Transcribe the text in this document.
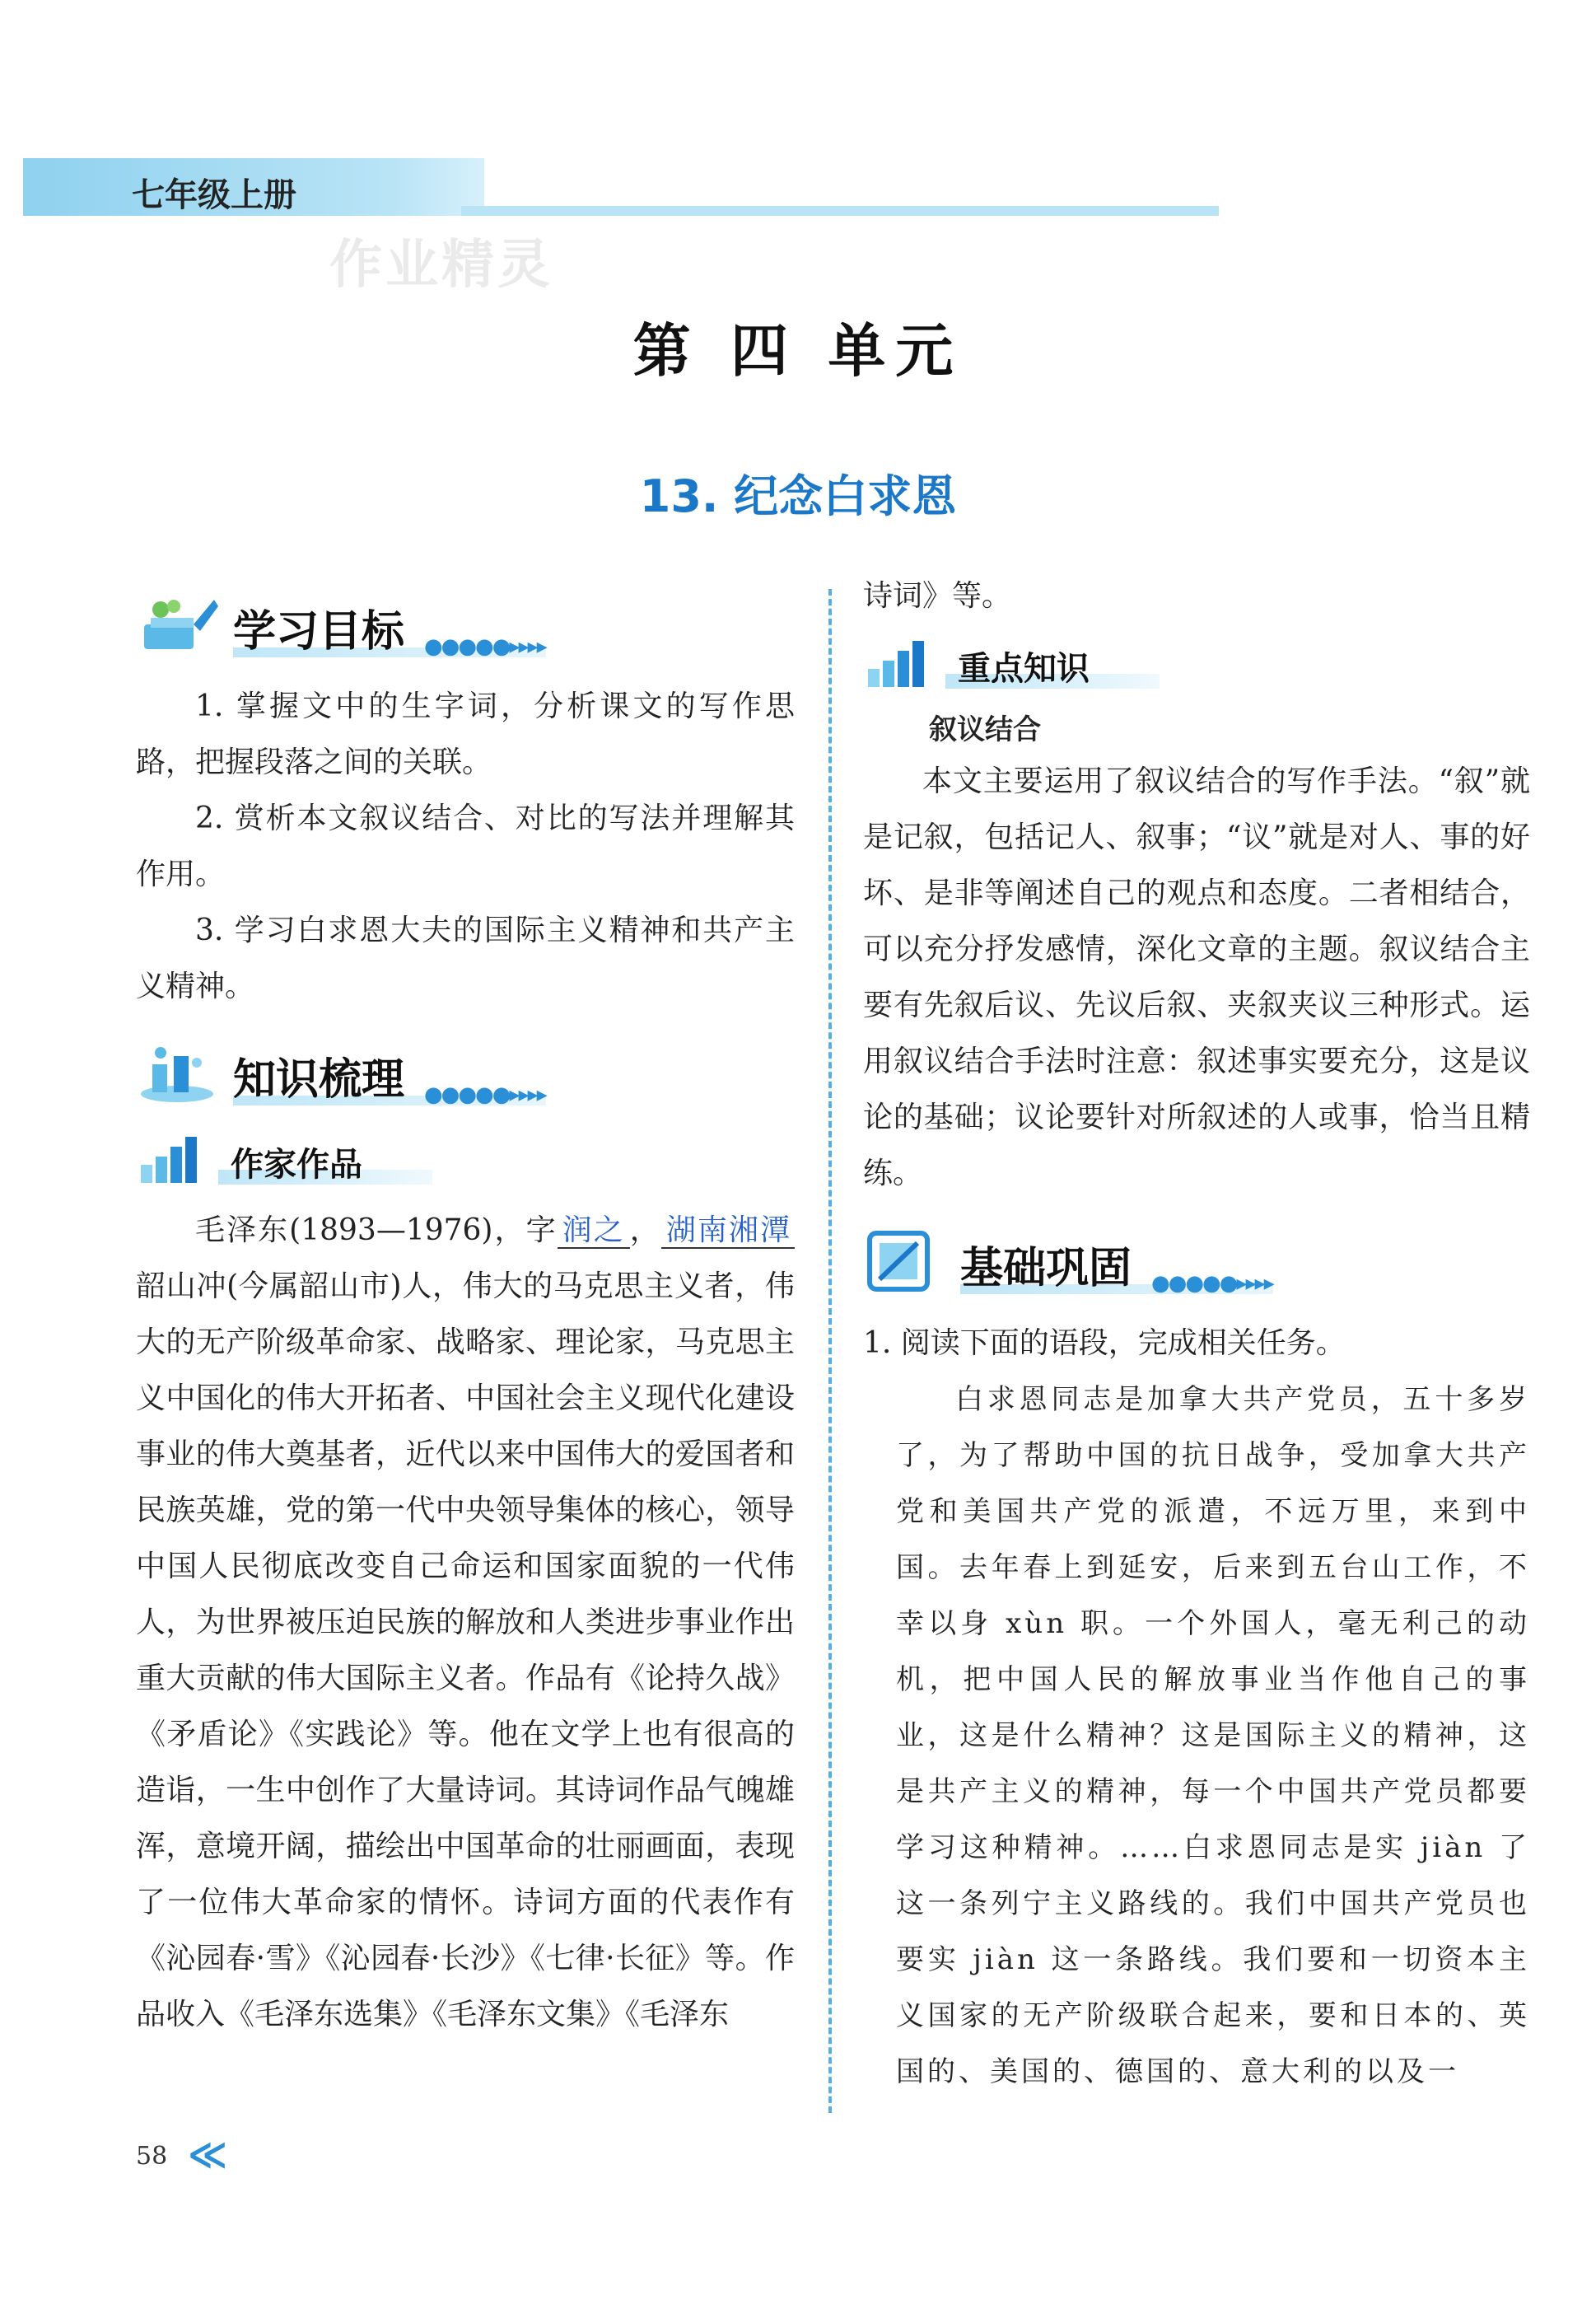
七年级上册
作业精灵
第 四 单元
13. 纪念白求恩
学习目标 ●●●●●▸▸▸▸

1. 掌握文中的生字词，分析课文的写作思路，把握段落之间的关联。

2. 赏析本文叙议结合、对比的写法并理解其作用。

3. 学习白求恩大夫的国际主义精神和共产主义精神。

知识梳理 ●●●●●▸▸▸▸
作家作品

毛泽东(1893—1976)，字 润之 ， 湖南湘潭韶山冲(今属韶山市)人，伟大的马克思主义者，伟大的无产阶级革命家、战略家、理论家，马克思主义中国化的伟大开拓者、中国社会主义现代化建设事业的伟大奠基者，近代以来中国伟大的爱国者和民族英雄，党的第一代中央领导集体的核心，领导中国人民彻底改变自己命运和国家面貌的一代伟人，为世界被压迫民族的解放和人类进步事业作出重大贡献的伟大国际主义者。作品有《论持久战》《矛盾论》《实践论》等。他在文学上也有很高的造诣，一生中创作了大量诗词。其诗词作品气魄雄浑，意境开阔，描绘出中国革命的壮丽画面，表现了一位伟大革命家的情怀。诗词方面的代表作有《沁园春·雪》《沁园春·长沙》《七律·长征》等。作品收入《毛泽东选集》《毛泽东文集》《毛泽东

诗词》等。

重点知识
叙议结合

本文主要运用了叙议结合的写作手法。“叙”就是记叙，包括记人、叙事；“议”就是对人、事的好坏、是非等阐述自己的观点和态度。二者相结合，可以充分抒发感情，深化文章的主题。叙议结合主要有先叙后议、先议后叙、夹叙夹议三种形式。运用叙议结合手法时注意：叙述事实要充分，这是议论的基础；议论要针对所叙述的人或事，恰当且精练。

基础巩固 ●●●●●▸▸▸▸

1. 阅读下面的语段，完成相关任务。

白求恩同志是加拿大共产党员，五十多岁了，为了帮助中国的抗日战争，受加拿大共产党和美国共产党的派遣，不远万里，来到中国。去年春上到延安，后来到五台山工作，不幸以身 xùn 职。一个外国人，毫无利己的动机，把中国人民的解放事业当作他自己的事业，这是什么精神？这是国际主义的精神，这是共产主义的精神，每一个中国共产党员都要学习这种精神。……白求恩同志是实 jiàn 了这一条列宁主义路线的。我们中国共产党员也要实 jiàn 这一条路线。我们要和一切资本主义国家的无产阶级联合起来，要和日本的、英国的、美国的、德国的、意大利的以及一

58 ≪
